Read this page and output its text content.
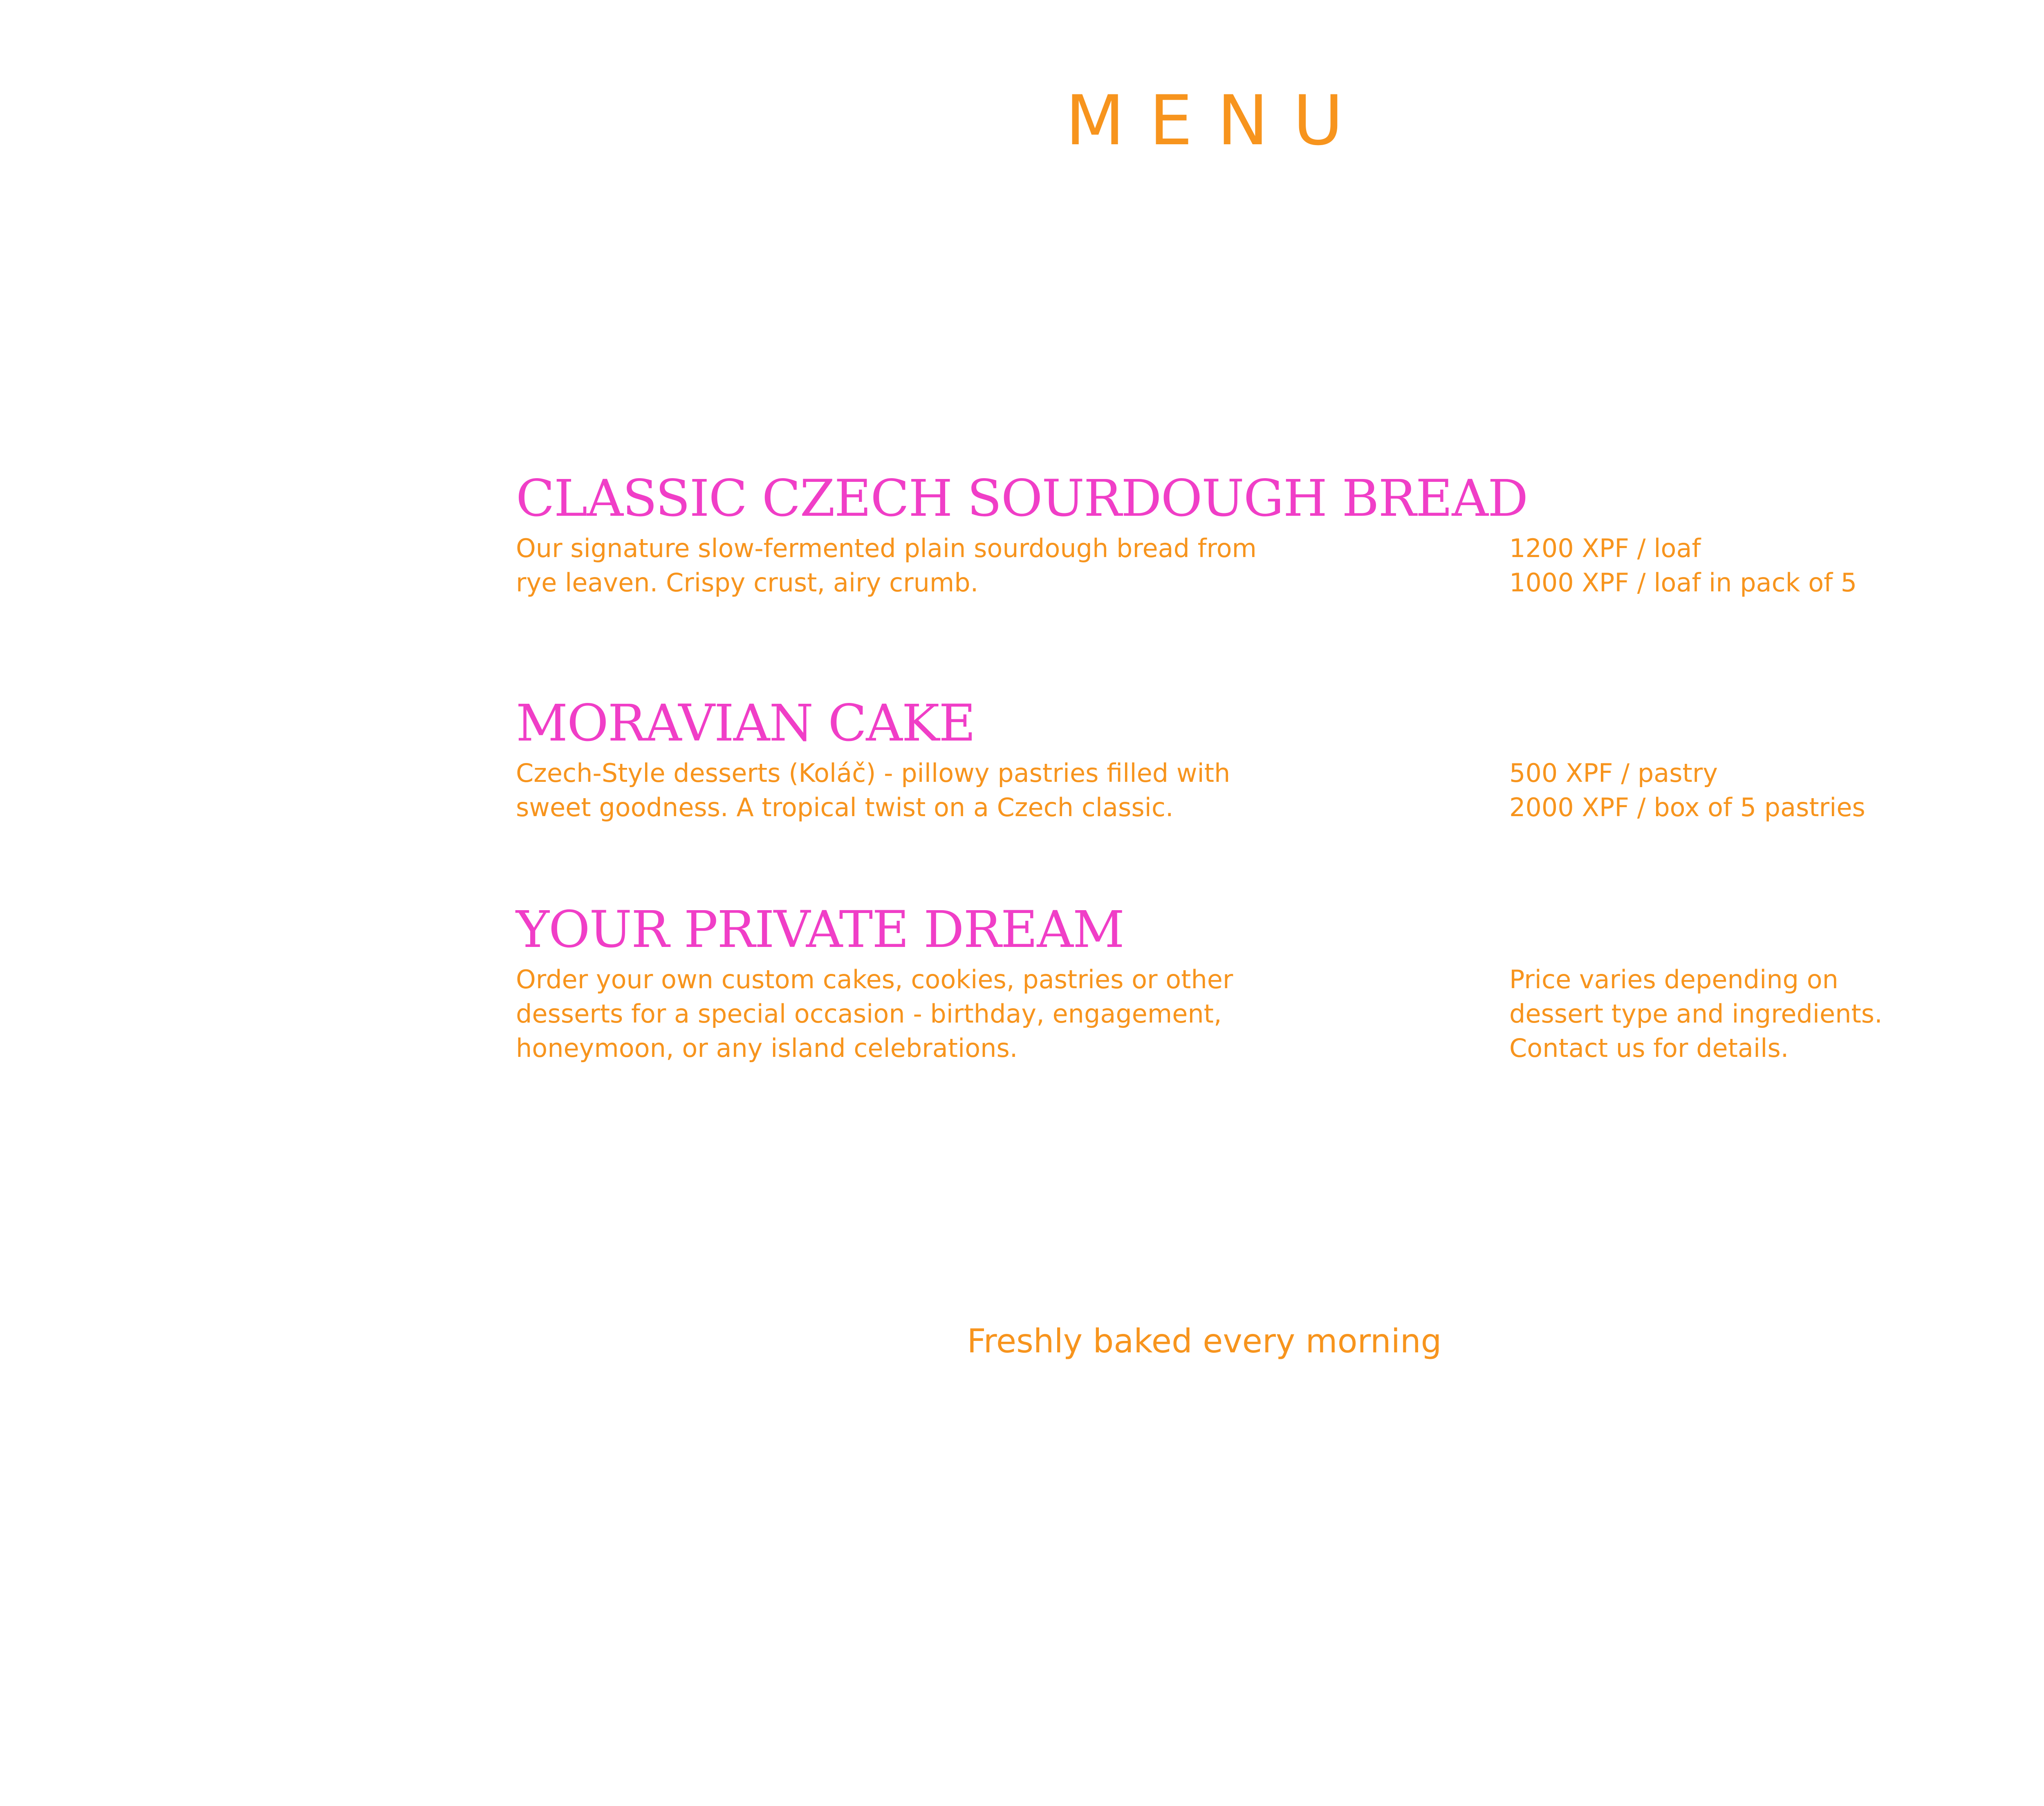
MENU
CLASSIC CZECH SOURDOUGH BREAD
Our signature slow-fermented plain sourdough bread from
rye leaven. Crispy crust, airy crumb.
1200 XPF / loaf
1000 XPF / loaf in pack of 5
MORAVIAN CAKE
Czech-Style desserts (Koláč) - pillowy pastries filled with
sweet goodness. A tropical twist on a Czech classic.
500 XPF / pastry
2000 XPF / box of 5 pastries
YOUR PRIVATE DREAM
Order your own custom cakes, cookies, pastries or other
desserts for a special occasion - birthday, engagement,
honeymoon, or any island celebrations.
Price varies depending on
dessert type and ingredients.
Contact us for details.
Freshly baked every morning
